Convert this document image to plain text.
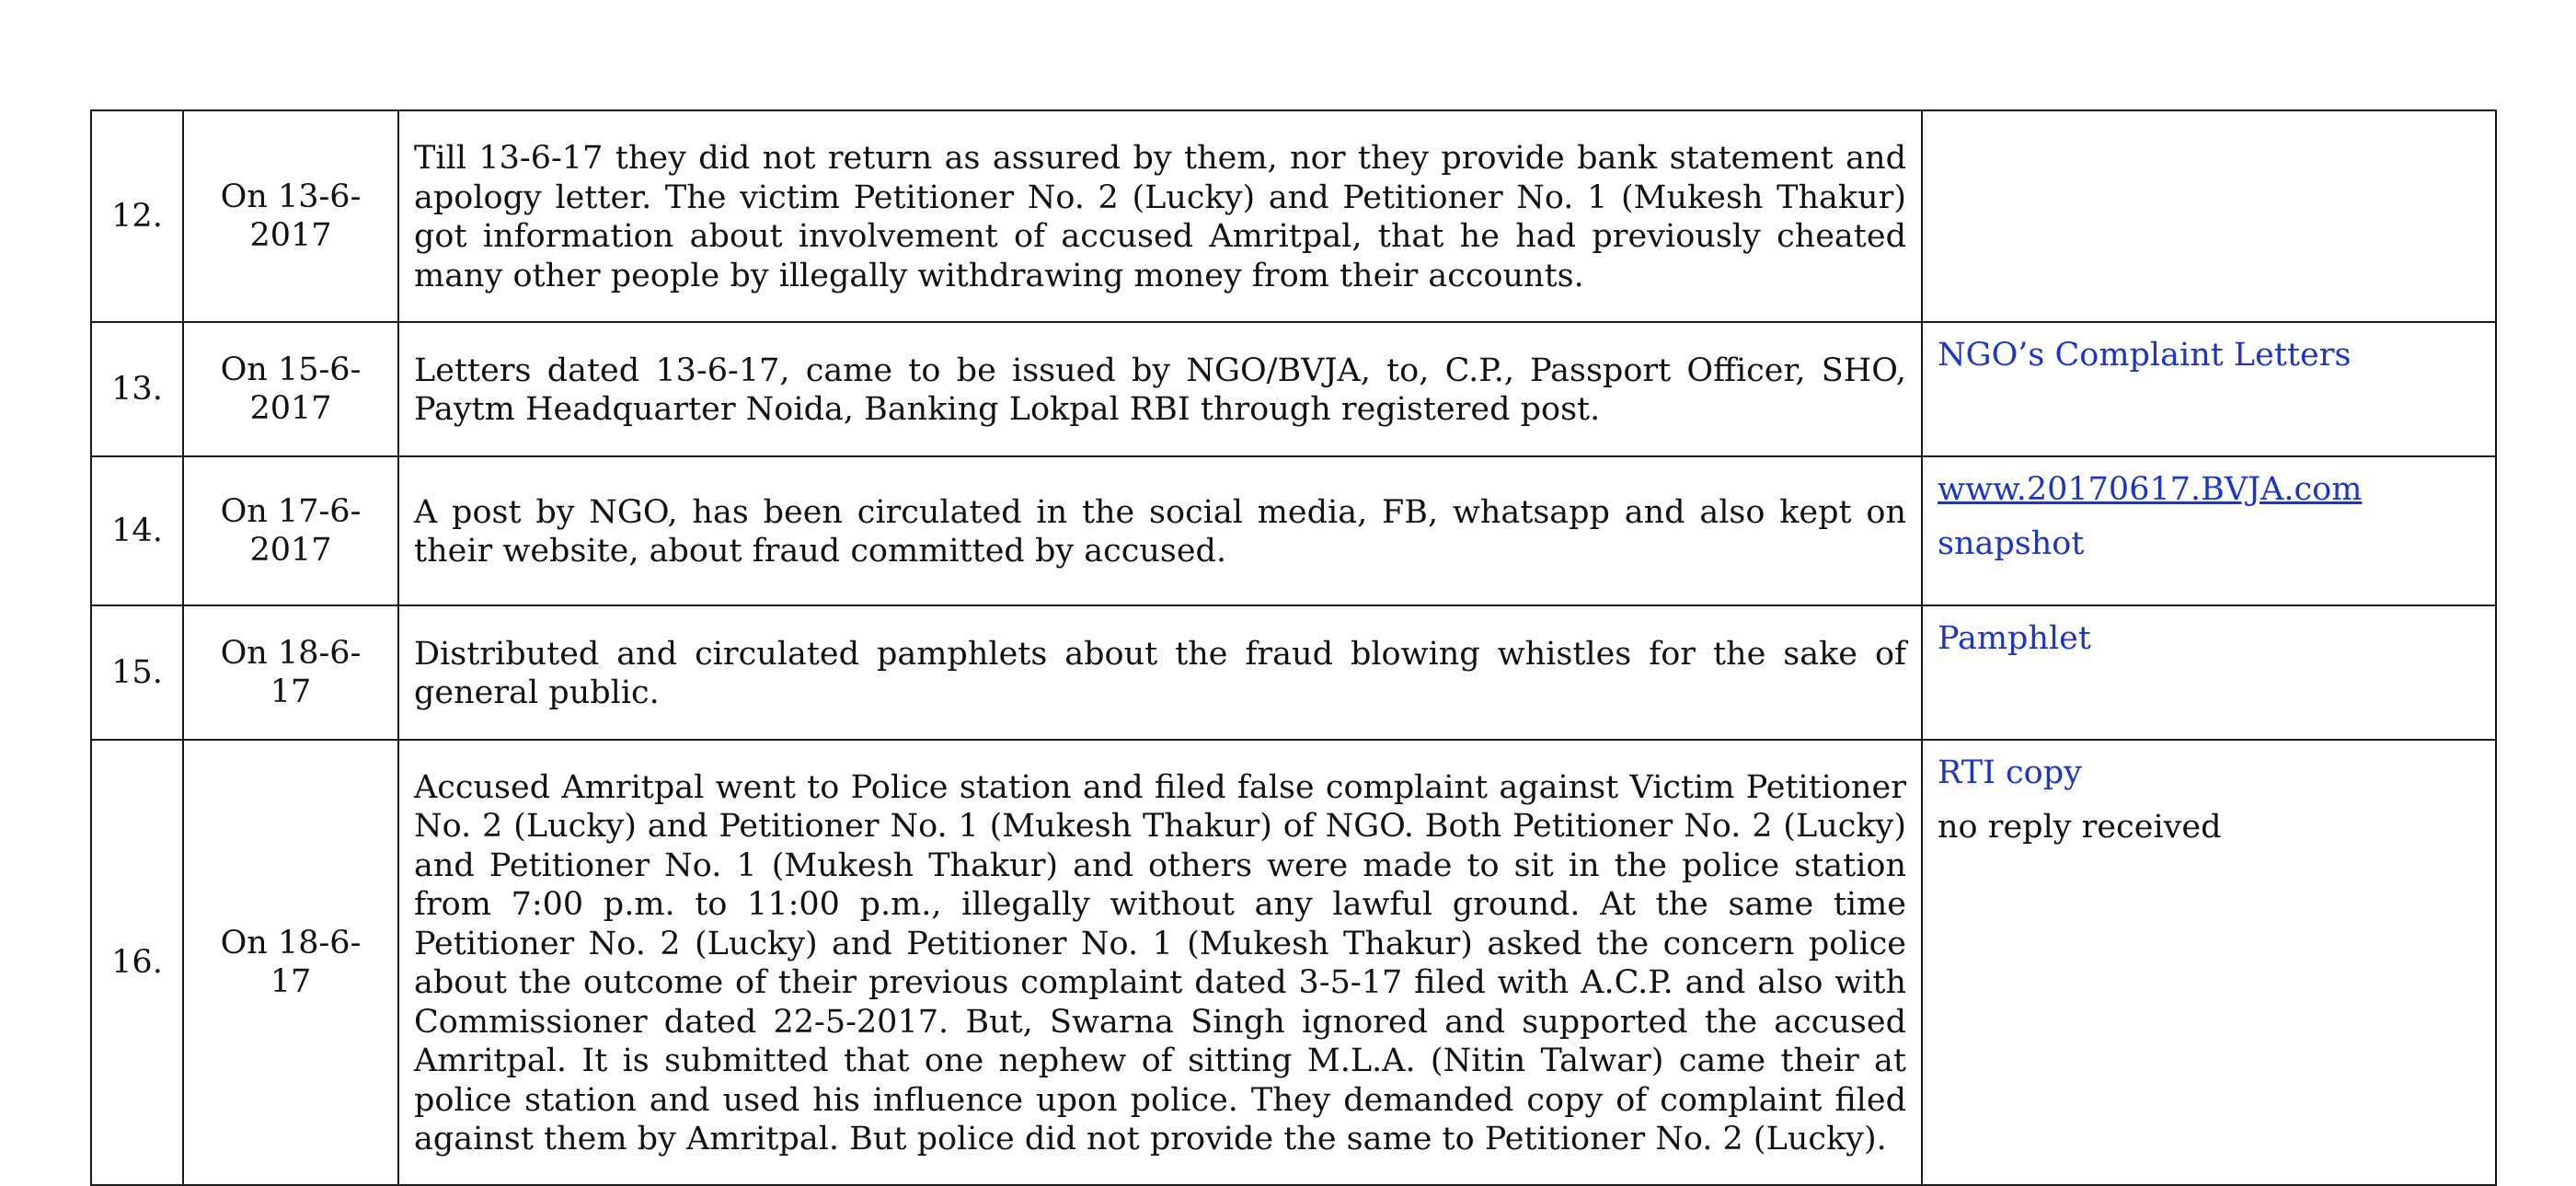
12.	On 13-6-
2017	Till 13-6-17 they did not return as assured by them, nor they provide bank statement and apology letter. The victim Petitioner No. 2 (Lucky) and Petitioner No. 1 (Mukesh Thakur) got information about involvement of accused Amritpal, that he had previously cheated many other people by illegally withdrawing money from their accounts.	
13.	On 15-6-
2017	Letters dated 13-6-17, came to be issued by NGO/BVJA, to, C.P., Passport Officer, SHO, Paytm Headquarter Noida, Banking Lokpal RBI through registered post.	NGO’s Complaint Letters

14.	On 17-6-
2017	A post by NGO, has been circulated in the social media, FB, whatsapp and also kept on their website, about fraud committed by accused.	www.20170617.BVJA.com
snapshot

15.	On 18-6-
17	Distributed and circulated pamphlets about the fraud blowing whistles for the sake of general public.	Pamphlet

16.	On 18-6-
17	Accused Amritpal went to Police station and filed false complaint against Victim Petitioner No. 2 (Lucky) and Petitioner No. 1 (Mukesh Thakur) of NGO. Both Petitioner No. 2 (Lucky) and Petitioner No. 1 (Mukesh Thakur) and others were made to sit in the police station from 7:00 p.m. to 11:00 p.m., illegally without any lawful ground. At the same time Petitioner No. 2 (Lucky) and Petitioner No. 1 (Mukesh Thakur) asked the concern police about the outcome of their previous complaint dated 3-5-17 filed with A.C.P. and also with Commissioner dated 22-5-2017. But, Swarna Singh ignored and supported the accused Amritpal. It is submitted that one nephew of sitting M.L.A. (Nitin Talwar) came their at police station and used his influence upon police. They demanded copy of complaint filed against them by Amritpal. But police did not provide the same to Petitioner No. 2 (Lucky).	RTI copy
no reply received
